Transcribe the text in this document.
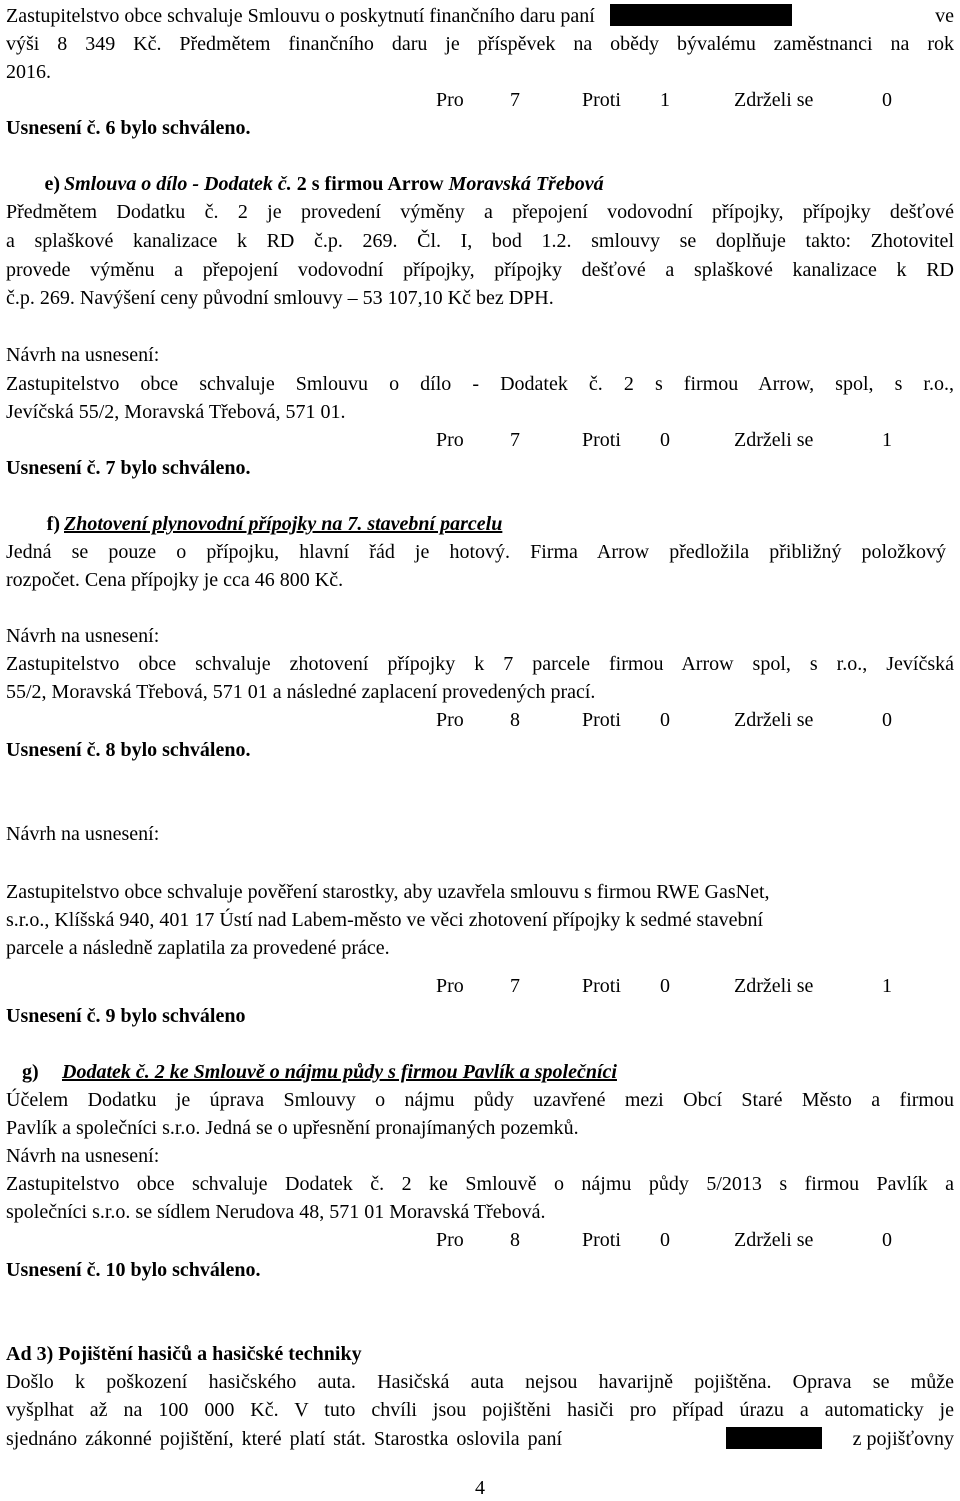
Zastupitelstvo obce schvaluje Smlouvu o poskytnutí finančního daru paní	ve
výši 8 349 Kč. Předmětem finančního daru je příspěvek na obědy bývalému zaměstnanci na rok
2016.
Pro 7	Proti 1	Zdrželi se	0
Usnesení č. 6 bylo schváleno.
e) Smlouva o dílo - Dodatek č. 2 s firmou Arrow Moravská Třebová
Předmětem Dodatku č. 2 je provedení výměny a přepojení vodovodní přípojky, přípojky dešťové
a splaškové kanalizace k RD č.p. 269. Čl. I, bod 1.2. smlouvy se doplňuje takto: Zhotovitel
provede výměnu a přepojení vodovodní přípojky, přípojky dešťové a splaškové kanalizace k RD
č.p. 269. Navýšení ceny původní smlouvy – 53 107,10 Kč bez DPH.
Návrh na usnesení:
Zastupitelstvo obce schvaluje Smlouvu o dílo - Dodatek č. 2 s firmou Arrow, spol, s r.o.,
Jevíčská 55/2, Moravská Třebová, 571 01.
Pro 7	Proti 0	Zdrželi se	1
Usnesení č. 7 bylo schváleno.
f) Zhotovení plynovodní přípojky na 7. stavební parcelu
Jedná se pouze o přípojku, hlavní řád je hotový. Firma Arrow předložila přibližný položkový
rozpočet. Cena přípojky je cca 46 800 Kč.
Návrh na usnesení:
Zastupitelstvo obce schvaluje zhotovení přípojky k 7 parcele firmou Arrow spol, s r.o., Jevíčská
55/2, Moravská Třebová, 571 01 a následné zaplacení provedených prací.
Pro 8	Proti 0	Zdrželi se	0
Usnesení č. 8 bylo schváleno.
Návrh na usnesení:
Zastupitelstvo obce schvaluje pověření starostky, aby uzavřela smlouvu s firmou RWE GasNet,
s.r.o., Klíšská 940, 401 17 Ústí nad Labem-město ve věci zhotovení přípojky k sedmé stavební
parcele a následně zaplatila za provedené práce.
Pro 7	Proti 0	Zdrželi se	1
Usnesení č. 9 bylo schváleno
g) Dodatek č. 2 ke Smlouvě o nájmu půdy s firmou Pavlík a společníci
Účelem Dodatku je úprava Smlouvy o nájmu půdy uzavřené mezi Obcí Staré Město a firmou
Pavlík a společníci s.r.o. Jedná se o upřesnění pronajímaných pozemků.
Návrh na usnesení:
Zastupitelstvo obce schvaluje Dodatek č. 2 ke Smlouvě o nájmu půdy 5/2013 s firmou Pavlík a
společníci s.r.o. se sídlem Nerudova 48, 571 01 Moravská Třebová.
Pro 8	Proti 0	Zdrželi se	0
Usnesení č. 10 bylo schváleno.
Ad 3) Pojištění hasičů a hasičské techniky
Došlo k poškození hasičského auta. Hasičská auta nejsou havarijně pojištěna. Oprava se může
vyšplhat až na 100 000 Kč. V tuto chvíli jsou pojištěni hasiči pro případ úrazu a automaticky je
sjednáno zákonné pojištění, které platí stát. Starostka oslovila paní	z pojišťovny
4
